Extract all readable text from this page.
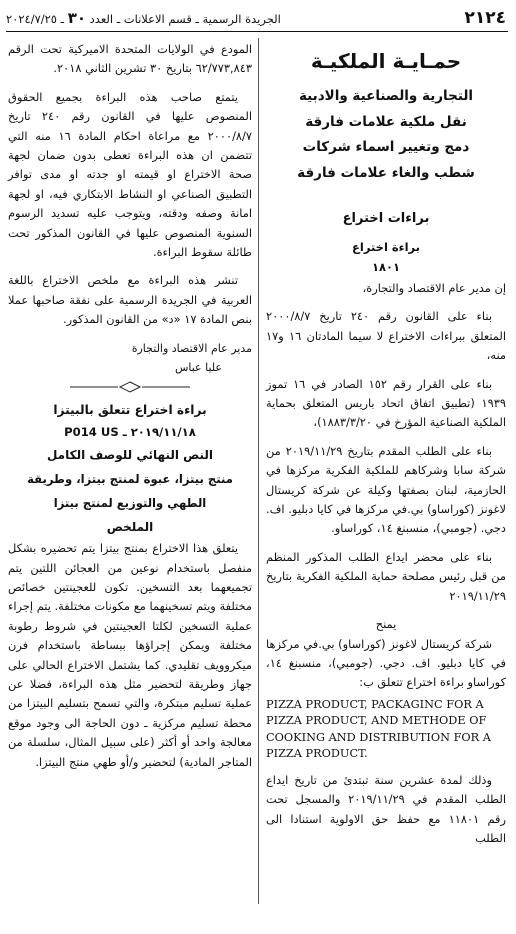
٢١٢٤
الجريدة الرسمية ـ قسم الاعلانات ـ العدد ٣٠ ـ ٢٠٢٤/٧/٢٥
حمـايـة الملكيـة
التجارية والصناعية والادبية
نقل ملكية علامات فارقة
دمج وتغيير اسماء شركات
شطب والغاء علامات فارقة
براءات اختراع
براءة اختراع
١٨٠١

إن مدير عام الاقتصاد والتجارة،

بناء على القانون رقم ٢٤٠ تاريخ ٢٠٠٠/٨/٧ المتعلق ببراءات الاختراع لا سيما المادتان ١٦ و١٧ منه،

بناء على القرار رقم ١٥٢ الصادر في ١٦ تموز ١٩٣٩ (تطبيق اتفاق اتحاد باريس المتعلق بحماية الملكية الصناعية المؤرخ في ١٨٨٣/٣/٢٠)،

بناء على الطلب المقدم بتاريخ ٢٠١٩/١١/٢٩ من شركة سابا وشركاهم للملكية الفكرية مركزها في الحازمية، لبنان بصفتها وكيلة عن شركة كريستال لاغونز (كوراساو) بي.في مركزها في كايا دبليو. اف. دجي. (جومبي)، منسبنغ ١٤، كوراساو.

بناء على محضر ايداع الطلب المذكور المنظم من قبل رئيس مصلحة حماية الملكية الفكرية بتاريخ ٢٠١٩/١١/٢٩

يمنح

شركة كريستال لاغونز (كوراساو) بي.في مركزها في كايا دبليو. اف. دجي. (جومبي)، منسبنغ ١٤، كوراساو براءة اختراع تتعلق ب:

PIZZA PRODUCT, PACKAGINC FOR A PIZZA PRODUCT, AND METHODE OF COOKING AND DISTRIBUTION FOR A PIZZA PRODUCT.

وذلك لمدة عشرين سنة تبتدئ من تاريخ ايداع الطلب المقدم في ٢٠١٩/١١/٢٩ والمسجل تحت رقم ١١٨٠١ مع حفظ حق الاولوية استنادا الى الطلب

المودع في الولايات المتحدة الاميركية تحت الرقم ٦٢/٧٧٣,٨٤٣ بتاريخ ٣٠ تشرين الثاني ٢٠١٨.

يتمتع صاحب هذه البراءة بجميع الحقوق المنصوص عليها في القانون رقم ٢٤٠ تاريخ ٢٠٠٠/٨/٧ مع مراعاة احكام المادة ١٦ منه التي تتضمن ان هذه البراءة تعطى بدون ضمان لجهة صحة الاختراع او قيمته او جدته او مدى توافر التطبيق الصناعي او النشاط الابتكاري فيه، او لجهة امانة وصفه ودقته، ويتوجب عليه تسديد الرسوم السنوية المنصوص عليها في القانون المذكور تحت طائلة سقوط البراءة.

تنشر هذه البراءة مع ملخص الاختراع باللغة العربية في الجريدة الرسمية على نفقة صاحبها عملا بنص المادة ١٧ «د» من القانون المذكور.

مدير عام الاقتصاد والتجارة

عليا عباس

براءة اختراع تتعلق بالبيتزا
P014 US ٢٠١٩/١١/١٨ ـ
النص النهائي للوصف الكامل
منتج بيتزا، عبوة لمنتج بيتزا، وطريقة الطهي والتوزيع لمنتج بيتزا
الملخص

يتعلق هذا الاختراع بمنتج بيتزا يتم تحضيره بشكل منفصل باستخدام نوعين من العجائن اللتين يتم تجميعهما بعد التسخين. تكون للعجينتين خصائص مختلفة ويتم تسخينهما مع مكونات مختلفة. يتم إجراء عملية التسخين لكلتا العجينتين في شروط رطوبة مختلفة ويمكن إجراؤها ببساطة باستخدام فرن ميكروويف تقليدي. كما يشتمل الاختراع الحالي على جهاز وطريقة لتحضير مثل هذه البراءة، فضلا عن عملية تسليم مبتكرة، والتي تسمح بتسليم البيتزا من محطة تسليم مركزية ـ دون الحاجة الى وجود موقع معالجة واحد أو أكثر (على سبيل المثال، سلسلة من المتاجر المادية) لتحضير و/أو طهي منتج البيتزا.
